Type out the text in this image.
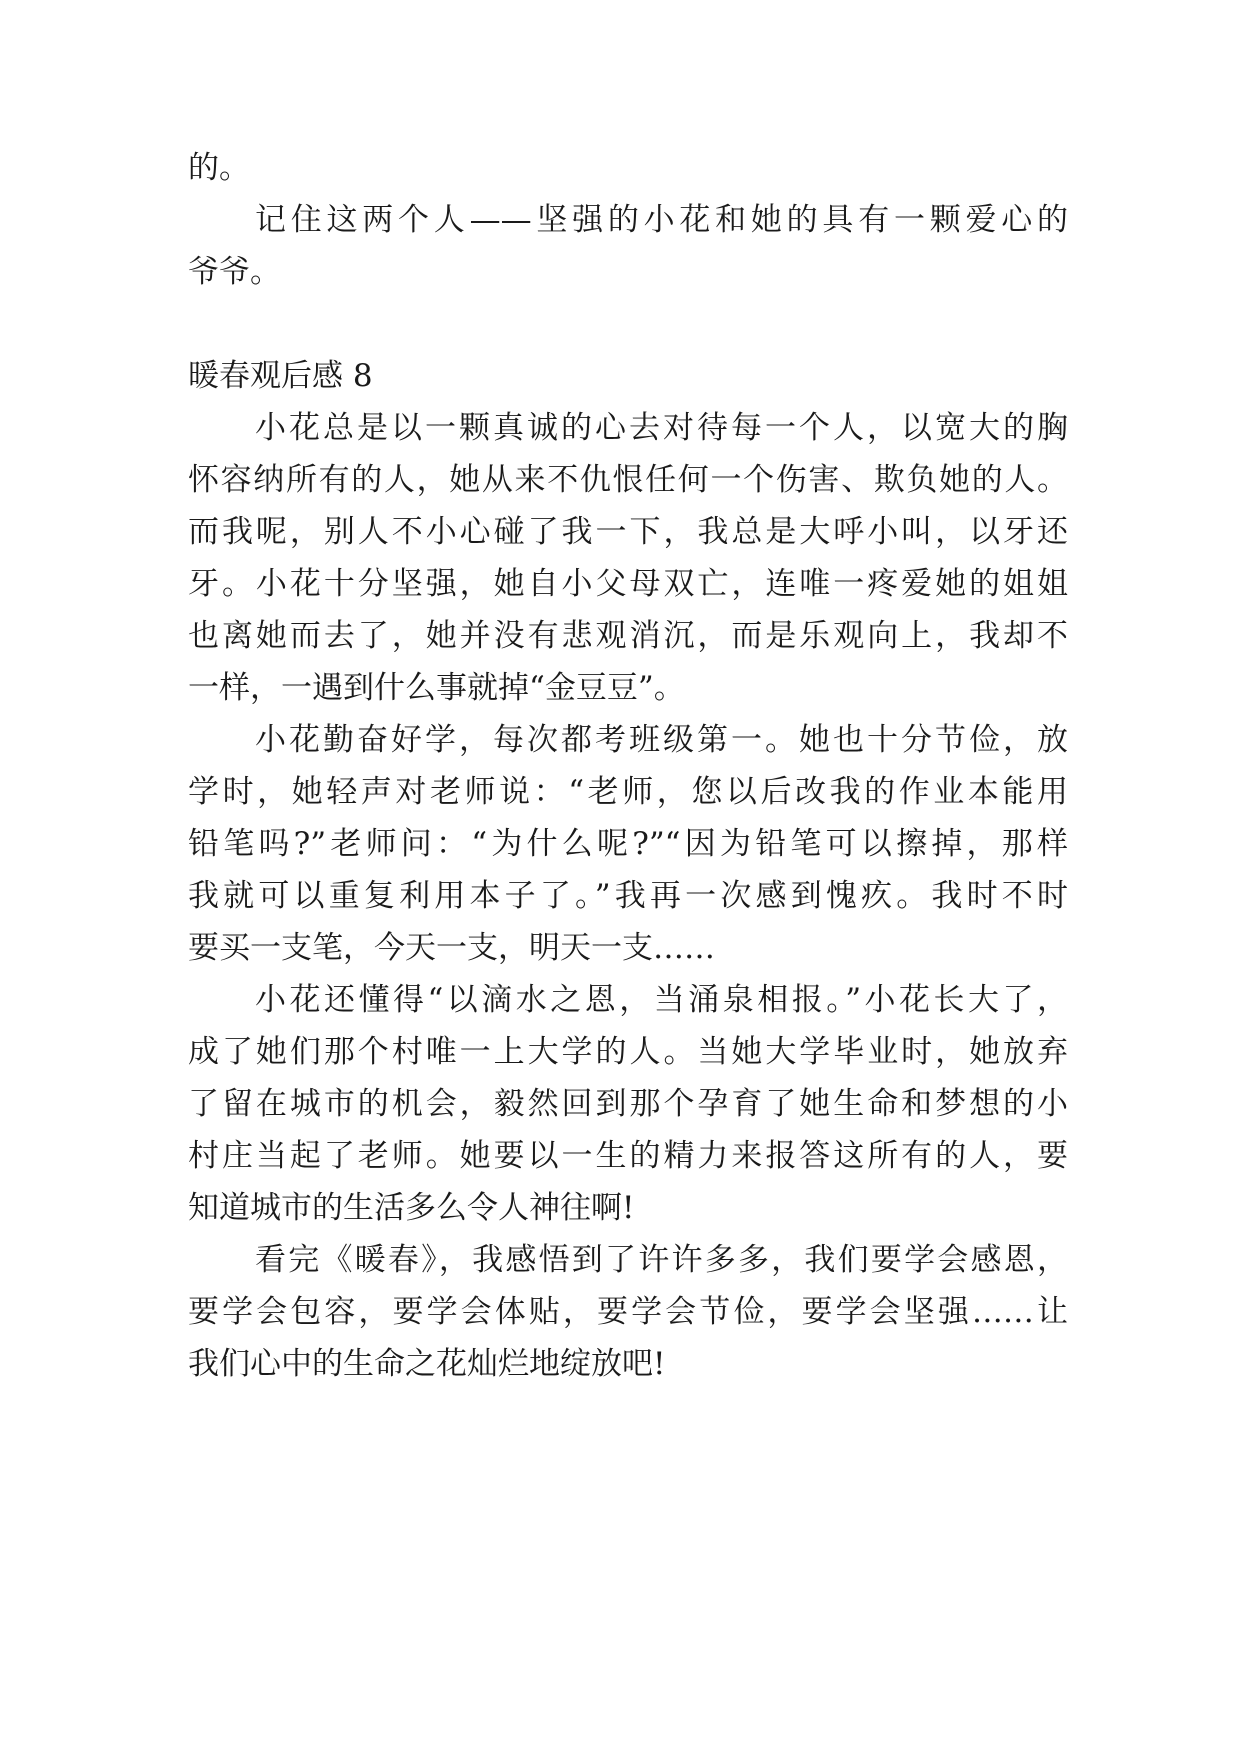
的。
记住这两个人——坚强的小花和她的具有一颗爱心的
爷爷。
暖春观后感 8
小花总是以一颗真诚的心去对待每一个人，以宽大的胸
怀容纳所有的人，她从来不仇恨任何一个伤害、欺负她的人。
而我呢，别人不小心碰了我一下，我总是大呼小叫，以牙还
牙。小花十分坚强，她自小父母双亡，连唯一疼爱她的姐姐
也离她而去了，她并没有悲观消沉，而是乐观向上，我却不
一样，一遇到什么事就掉“金豆豆”。
小花勤奋好学，每次都考班级第一。她也十分节俭，放
学时，她轻声对老师说：“老师，您以后改我的作业本能用
铅笔吗?”老师问：“为什么呢?”“因为铅笔可以擦掉，那样
我就可以重复利用本子了。”我再一次感到愧疚。我时不时
要买一支笔，今天一支，明天一支……
小花还懂得“以滴水之恩，当涌泉相报。”小花长大了，
成了她们那个村唯一上大学的人。当她大学毕业时，她放弃
了留在城市的机会，毅然回到那个孕育了她生命和梦想的小
村庄当起了老师。她要以一生的精力来报答这所有的人，要
知道城市的生活多么令人神往啊!
看完《暖春》，我感悟到了许许多多，我们要学会感恩，
要学会包容，要学会体贴，要学会节俭，要学会坚强……让
我们心中的生命之花灿烂地绽放吧!
